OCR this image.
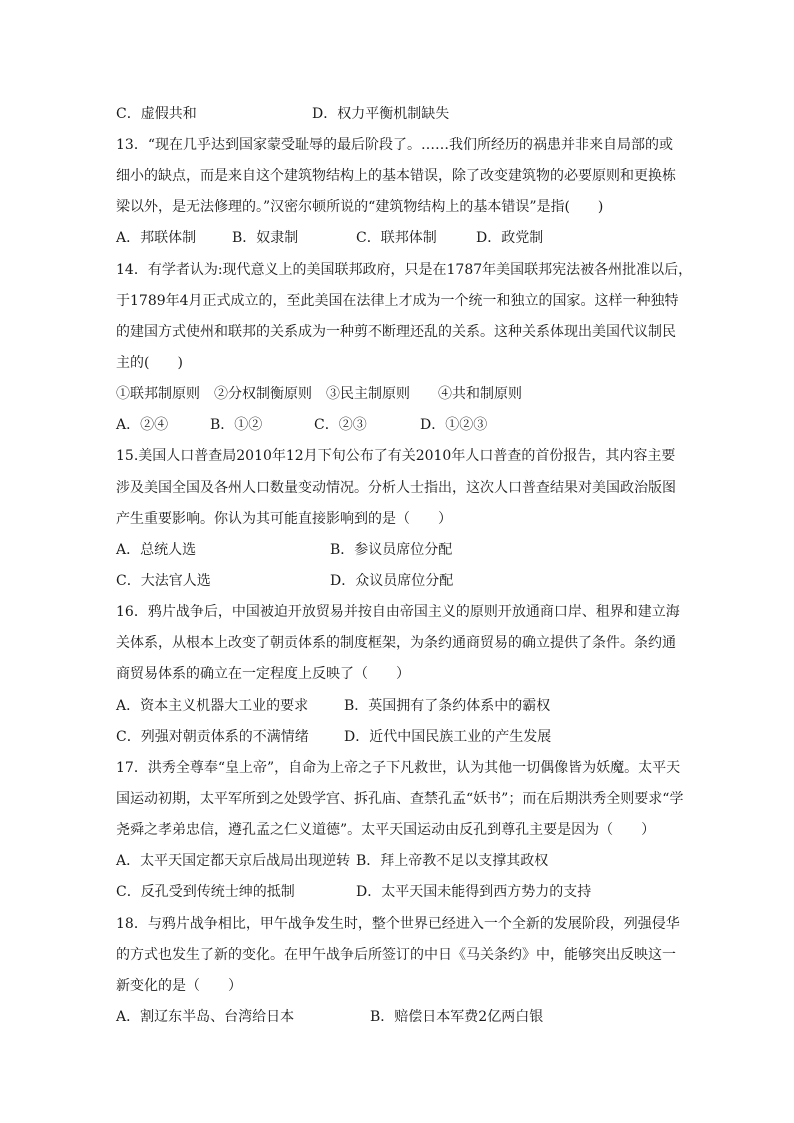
C．虚假共和	D．权力平衡机制缺失
13．“现在几乎达到国家蒙受耻辱的最后阶段了。……我们所经历的祸患并非来自局部的或
细小的缺点，而是来自这个建筑物结构上的基本错误，除了改变建筑物的必要原则和更换栋
梁以外，是无法修理的。”汉密尔顿所说的“建筑物结构上的基本错误”是指(　　)
A．邦联体制	B．奴隶制	C．联邦体制	D．政党制
14．有学者认为:现代意义上的美国联邦政府，只是在1787年美国联邦宪法被各州批准以后，
于1789年4月正式成立的，至此美国在法律上才成为一个统一和独立的国家。这样一种独特
的建国方式使州和联邦的关系成为一种剪不断理还乱的关系。这种关系体现出美国代议制民
主的(　　)
①联邦制原则　②分权制衡原则　③民主制原则　　④共和制原则
A．②④	B．①②	C．②③	D．①②③
15.美国人口普查局2010年12月下旬公布了有关2010年人口普查的首份报告，其内容主要
涉及美国全国及各州人口数量变动情况。分析人士指出，这次人口普查结果对美国政治版图
产生重要影响。你认为其可能直接影响到的是（　　）
A．总统人选	B．参议员席位分配
C．大法官人选	D．众议员席位分配
16．鸦片战争后，中国被迫开放贸易并按自由帝国主义的原则开放通商口岸、租界和建立海
关体系，从根本上改变了朝贡体系的制度框架，为条约通商贸易的确立提供了条件。条约通
商贸易体系的确立在一定程度上反映了（　　）
A．资本主义机器大工业的要求	B．英国拥有了条约体系中的霸权
C．列强对朝贡体系的不满情绪	D．近代中国民族工业的产生发展
17．洪秀全尊奉“皇上帝”，自命为上帝之子下凡救世，认为其他一切偶像皆为妖魔。太平天
国运动初期，太平军所到之处毁学宫、拆孔庙、查禁孔孟“妖书”；而在后期洪秀全则要求“学
尧舜之孝弟忠信，遵孔孟之仁义道德”。太平天国运动由反孔到尊孔主要是因为（　　）
A．太平天国定都天京后战局出现逆转 B．拜上帝教不足以支撑其政权
C．反孔受到传统士绅的抵制	D．太平天国未能得到西方势力的支持
18．与鸦片战争相比，甲午战争发生时，整个世界已经进入一个全新的发展阶段，列强侵华
的方式也发生了新的变化。在甲午战争后所签订的中日《马关条约》中，能够突出反映这一
新变化的是（　　）
A．割辽东半岛、台湾给日本	B．赔偿日本军费2亿两白银
